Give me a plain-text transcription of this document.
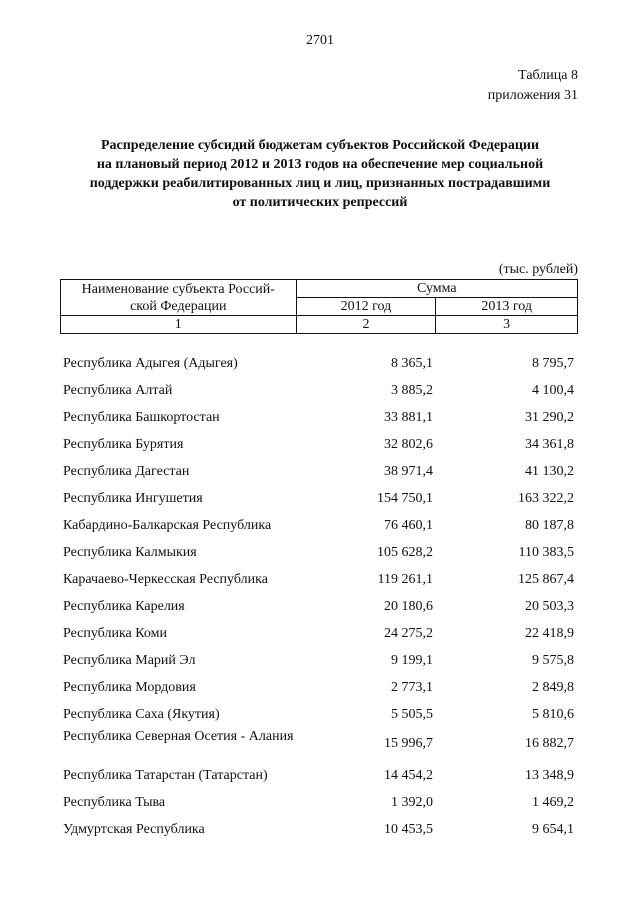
2701
Таблица 8
приложения 31
Распределение субсидий бюджетам субъектов Российской Федерации
на плановый период 2012 и 2013 годов на обеспечение мер социальной
поддержки реабилитированных лиц и лиц, признанных пострадавшими
от политических репрессий
(тыс. рублей)
Наименование субъекта Россий-
ской Федерации	Сумма	
	2012 год	2013 год
1	2	3
Республика Адыгея (Адыгея)	8 365,1	8 795,7
Республика Алтай	3 885,2	4 100,4
Республика Башкортостан	33 881,1	31 290,2
Республика Бурятия	32 802,6	34 361,8
Республика Дагестан	38 971,4	41 130,2
Республика Ингушетия	154 750,1	163 322,2
Кабардино-Балкарская Республика	76 460,1	80 187,8
Республика Калмыкия	105 628,2	110 383,5
Карачаево-Черкесская Республика	119 261,1	125 867,4
Республика Карелия	20 180,6	20 503,3
Республика Коми	24 275,2	22 418,9
Республика Марий Эл	9 199,1	9 575,8
Республика Мордовия	2 773,1	2 849,8
Республика Саха (Якутия)	5 505,5	5 810,6
Республика Северная Осетия - Алания	15 996,7	16 882,7
Республика Татарстан (Татарстан)	14 454,2	13 348,9
Республика Тыва	1 392,0	1 469,2
Удмуртская Республика	10 453,5	9 654,1
